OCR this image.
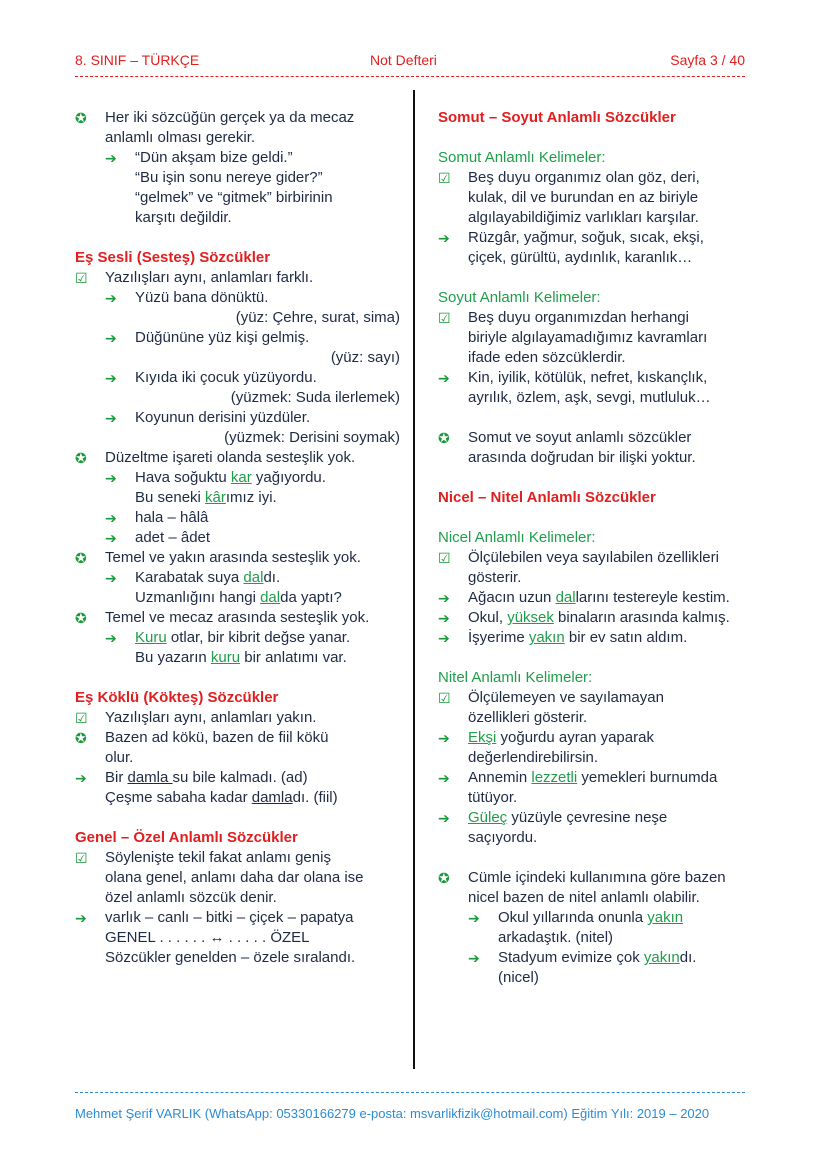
8. SINIF – TÜRKÇE	Not Defteri	Sayfa 3 / 40
✪	Her iki sözcüğün gerçek ya da mecaz
anlamlı olması gerekir.
➔	“Dün akşam bize geldi.”
“Bu işin sonu nereye gider?”
“gelmek” ve “gitmek” birbirinin
karşıtı değildir.
Eş Sesli (Sesteş) Sözcükler
☑	Yazılışları aynı, anlamları farklı.
➔	Yüzü bana dönüktü.
(yüz: Çehre, surat, sima)
➔	Düğününe yüz kişi gelmiş.
(yüz: sayı)
➔	Kıyıda iki çocuk yüzüyordu.
(yüzmek: Suda ilerlemek)
➔	Koyunun derisini yüzdüler.
(yüzmek: Derisini soymak)
✪	Düzeltme işareti olanda sesteşlik yok.
➔	Hava soğuktu kar yağıyordu.
Bu seneki kârımız iyi.
➔	hala – hâlâ
➔	adet – âdet
✪	Temel ve yakın arasında sesteşlik yok.
➔	Karabatak suya daldı.
Uzmanlığını hangi dalda yaptı?
✪	Temel ve mecaz arasında sesteşlik yok.
➔	Kuru otlar, bir kibrit değse yanar.
Bu yazarın kuru bir anlatımı var.
Eş Köklü (Kökteş) Sözcükler
☑	Yazılışları aynı, anlamları yakın.
✪	Bazen ad kökü, bazen de fiil kökü
olur.
➔	Bir damla su bile kalmadı. (ad)
Çeşme sabaha kadar damladı. (fiil)
Genel – Özel Anlamlı Sözcükler
☑	Söylenişte tekil fakat anlamı geniş
olana genel, anlamı daha dar olana ise
özel anlamlı sözcük denir.
➔	varlık – canlı – bitki – çiçek – papatya
GENEL . . . . . . ↔ . . . . . ÖZEL
Sözcükler genelden – özele sıralandı.
Somut – Soyut Anlamlı Sözcükler
Somut Anlamlı Kelimeler:
☑	Beş duyu organımız olan göz, deri,
kulak, dil ve burundan en az biriyle
algılayabildiğimiz varlıkları karşılar.
➔	Rüzgâr, yağmur, soğuk, sıcak, ekşi,
çiçek, gürültü, aydınlık, karanlık…
Soyut Anlamlı Kelimeler:
☑	Beş duyu organımızdan herhangi
biriyle algılayamadığımız kavramları
ifade eden sözcüklerdir.
➔	Kin, iyilik, kötülük, nefret, kıskançlık,
ayrılık, özlem, aşk, sevgi, mutluluk…
✪	Somut ve soyut anlamlı sözcükler
arasında doğrudan bir ilişki yoktur.
Nicel – Nitel Anlamlı Sözcükler
Nicel Anlamlı Kelimeler:
☑	Ölçülebilen veya sayılabilen özellikleri
gösterir.
➔	Ağacın uzun dallarını testereyle kestim.
➔	Okul, yüksek binaların arasında kalmış.
➔	İşyerime yakın bir ev satın aldım.
Nitel Anlamlı Kelimeler:
☑	Ölçülemeyen ve sayılamayan
özellikleri gösterir.
➔	Ekşi yoğurdu ayran yaparak
değerlendirebilirsin.
➔	Annemin lezzetli yemekleri burnumda
tütüyor.
➔	Güleç yüzüyle çevresine neşe
saçıyordu.
✪	Cümle içindeki kullanımına göre bazen
nicel bazen de nitel anlamlı olabilir.
➔	Okul yıllarında onunla yakın
arkadaştık. (nitel)
➔	Stadyum evimize çok yakındı.
(nicel)
Mehmet Şerif VARLIK (WhatsApp: 05330166279 e-posta: msvarlikfizik@hotmail.com) Eğitim Yılı: 2019 – 2020
